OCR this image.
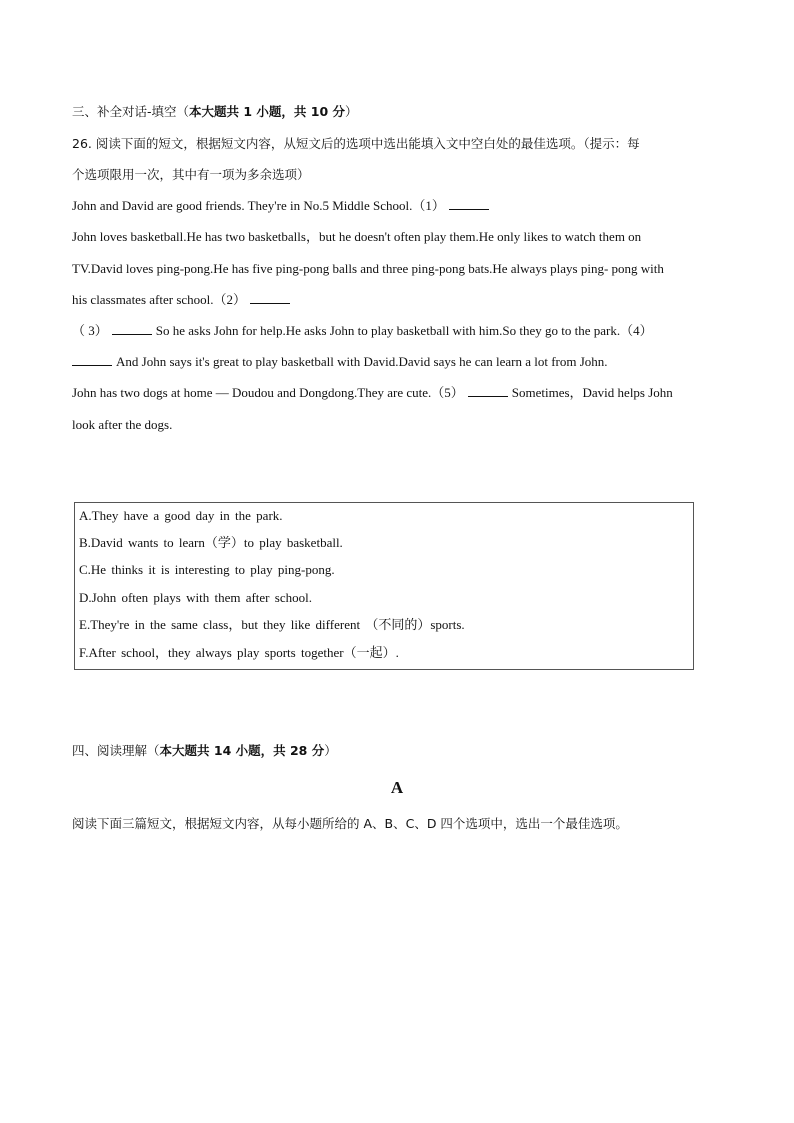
三、补全对话-填空（本大题共 1 小题，共 10 分）
26. 阅读下面的短文，根据短文内容，从短文后的选项中选出能填入文中空白处的最佳选项。（提示：每
个选项限用一次，其中有一项为多余选项）
John and David are good friends. They're in No.5 Middle School.（1）
John loves basketball.He has two basketballs，but he doesn't often play them.He only likes to watch them on
TV.David loves ping-pong.He has five ping-pong balls and three ping-pong bats.He always plays ping- pong with
his classmates after school.（2）
（ 3）	So he asks John for help.He asks John to play basketball with him.So they go to the park.（4）
And John says it's great to play basketball with David.David says he can learn a lot from John.
John has two dogs at home — Doudou and Dongdong.They are cute.（5）	Sometimes，David helps John
look after the dogs.
A.They have a good day in the park.
B.David wants to learn（学）to play basketball.
C.He thinks it is interesting to play ping-pong.
D.John often plays with them after school.
E.They're in the same class，but they like different （不同的）sports.
F.After school，they always play sports together（一起）.
四、阅读理解（本大题共 14 小题，共 28 分）
A
阅读下面三篇短文，根据短文内容，从每小题所给的 A、B、C、D 四个选项中，选出一个最佳选项。
